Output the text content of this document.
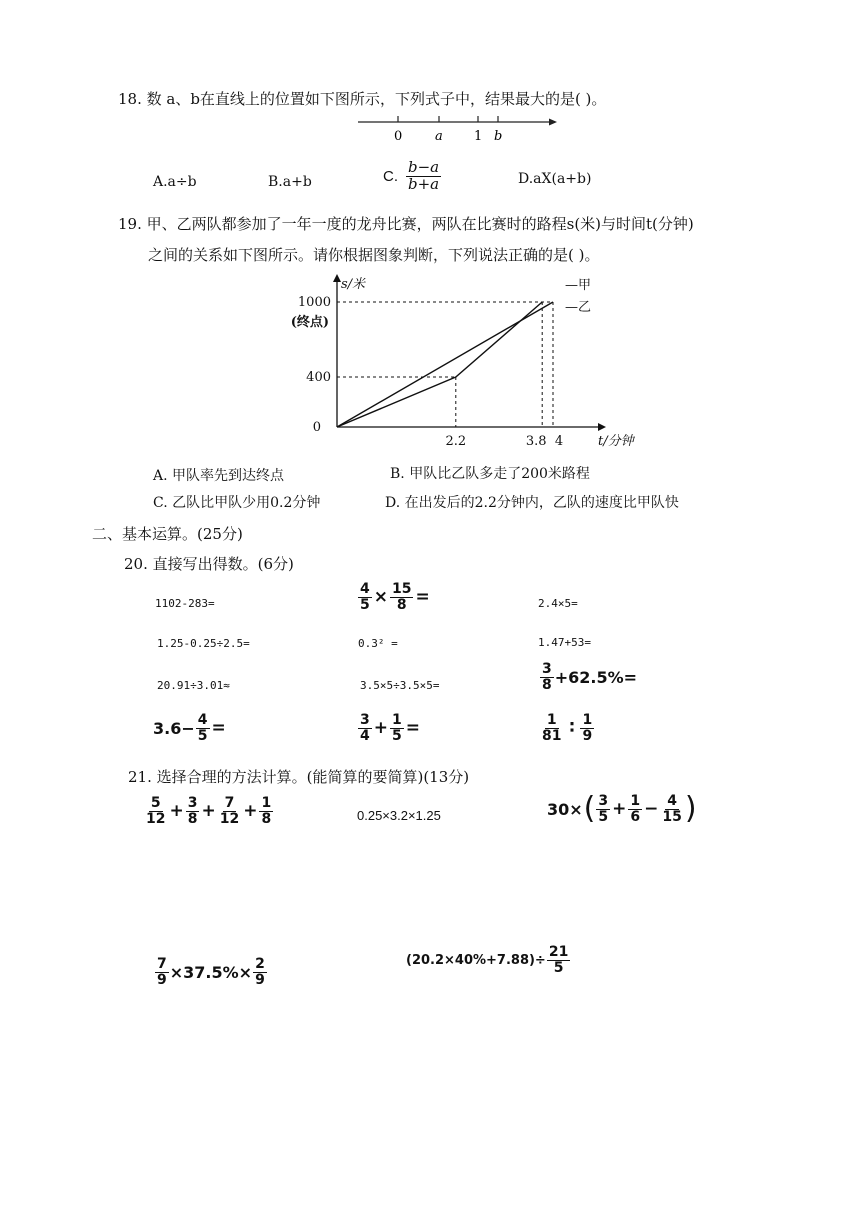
18. 数 a、b在直线上的位置如下图所示，下列式子中，结果最大的是( )。
0	a 1 b
A.a÷b	B.a+b	C. $\frac{b-a}{b+a}$	D.aX(a+b)
19. 甲、乙两队都参加了一年一度的龙舟比赛，两队在比赛时的路程s(米)与时间t(分钟)
之间的关系如下图所示。请你根据图象判断，下列说法正确的是( )。
0
400
1000
(终点)
2.2	3.8 4
s/米
t/分钟
—甲
—乙
A. 甲队率先到达终点	B. 甲队比乙队多走了200米路程
C. 乙队比甲队少用0.2分钟	D. 在出发后的2.2分钟内，乙队的速度比甲队快
二、基本运算。(25分)
20. 直接写出得数。(6分)
1102-283=	$\frac{4}{5} \times \frac{15}{8}$ =	2.4×5=
1.25-0.25÷2.5=	0.3² =	1.47+53=
20.91÷3.01≈	3.5×5÷3.5×5=	$\frac{3}{8} +62.5\%=$
$3.6- \frac{4}{5}$ =	$\frac{3}{4} + \frac{1}{5}$ =	$\frac{1}{81}$ ∶ $\frac{1}{9}$
21. 选择合理的方法计算。(能简算的要简算)(13分)
$\frac{5}{12} + \frac{3}{8} + \frac{7}{12} + \frac{1}{8}$	0.25×3.2×1.25	30× ( $\frac{3}{5} + \frac{1}{6} - \frac{4}{15}$ )
$\frac{7}{9} \times 37.5\%\times \frac{2}{9}$	$(20.2\times 40\%+7.88)\div \frac{21}{5}$
